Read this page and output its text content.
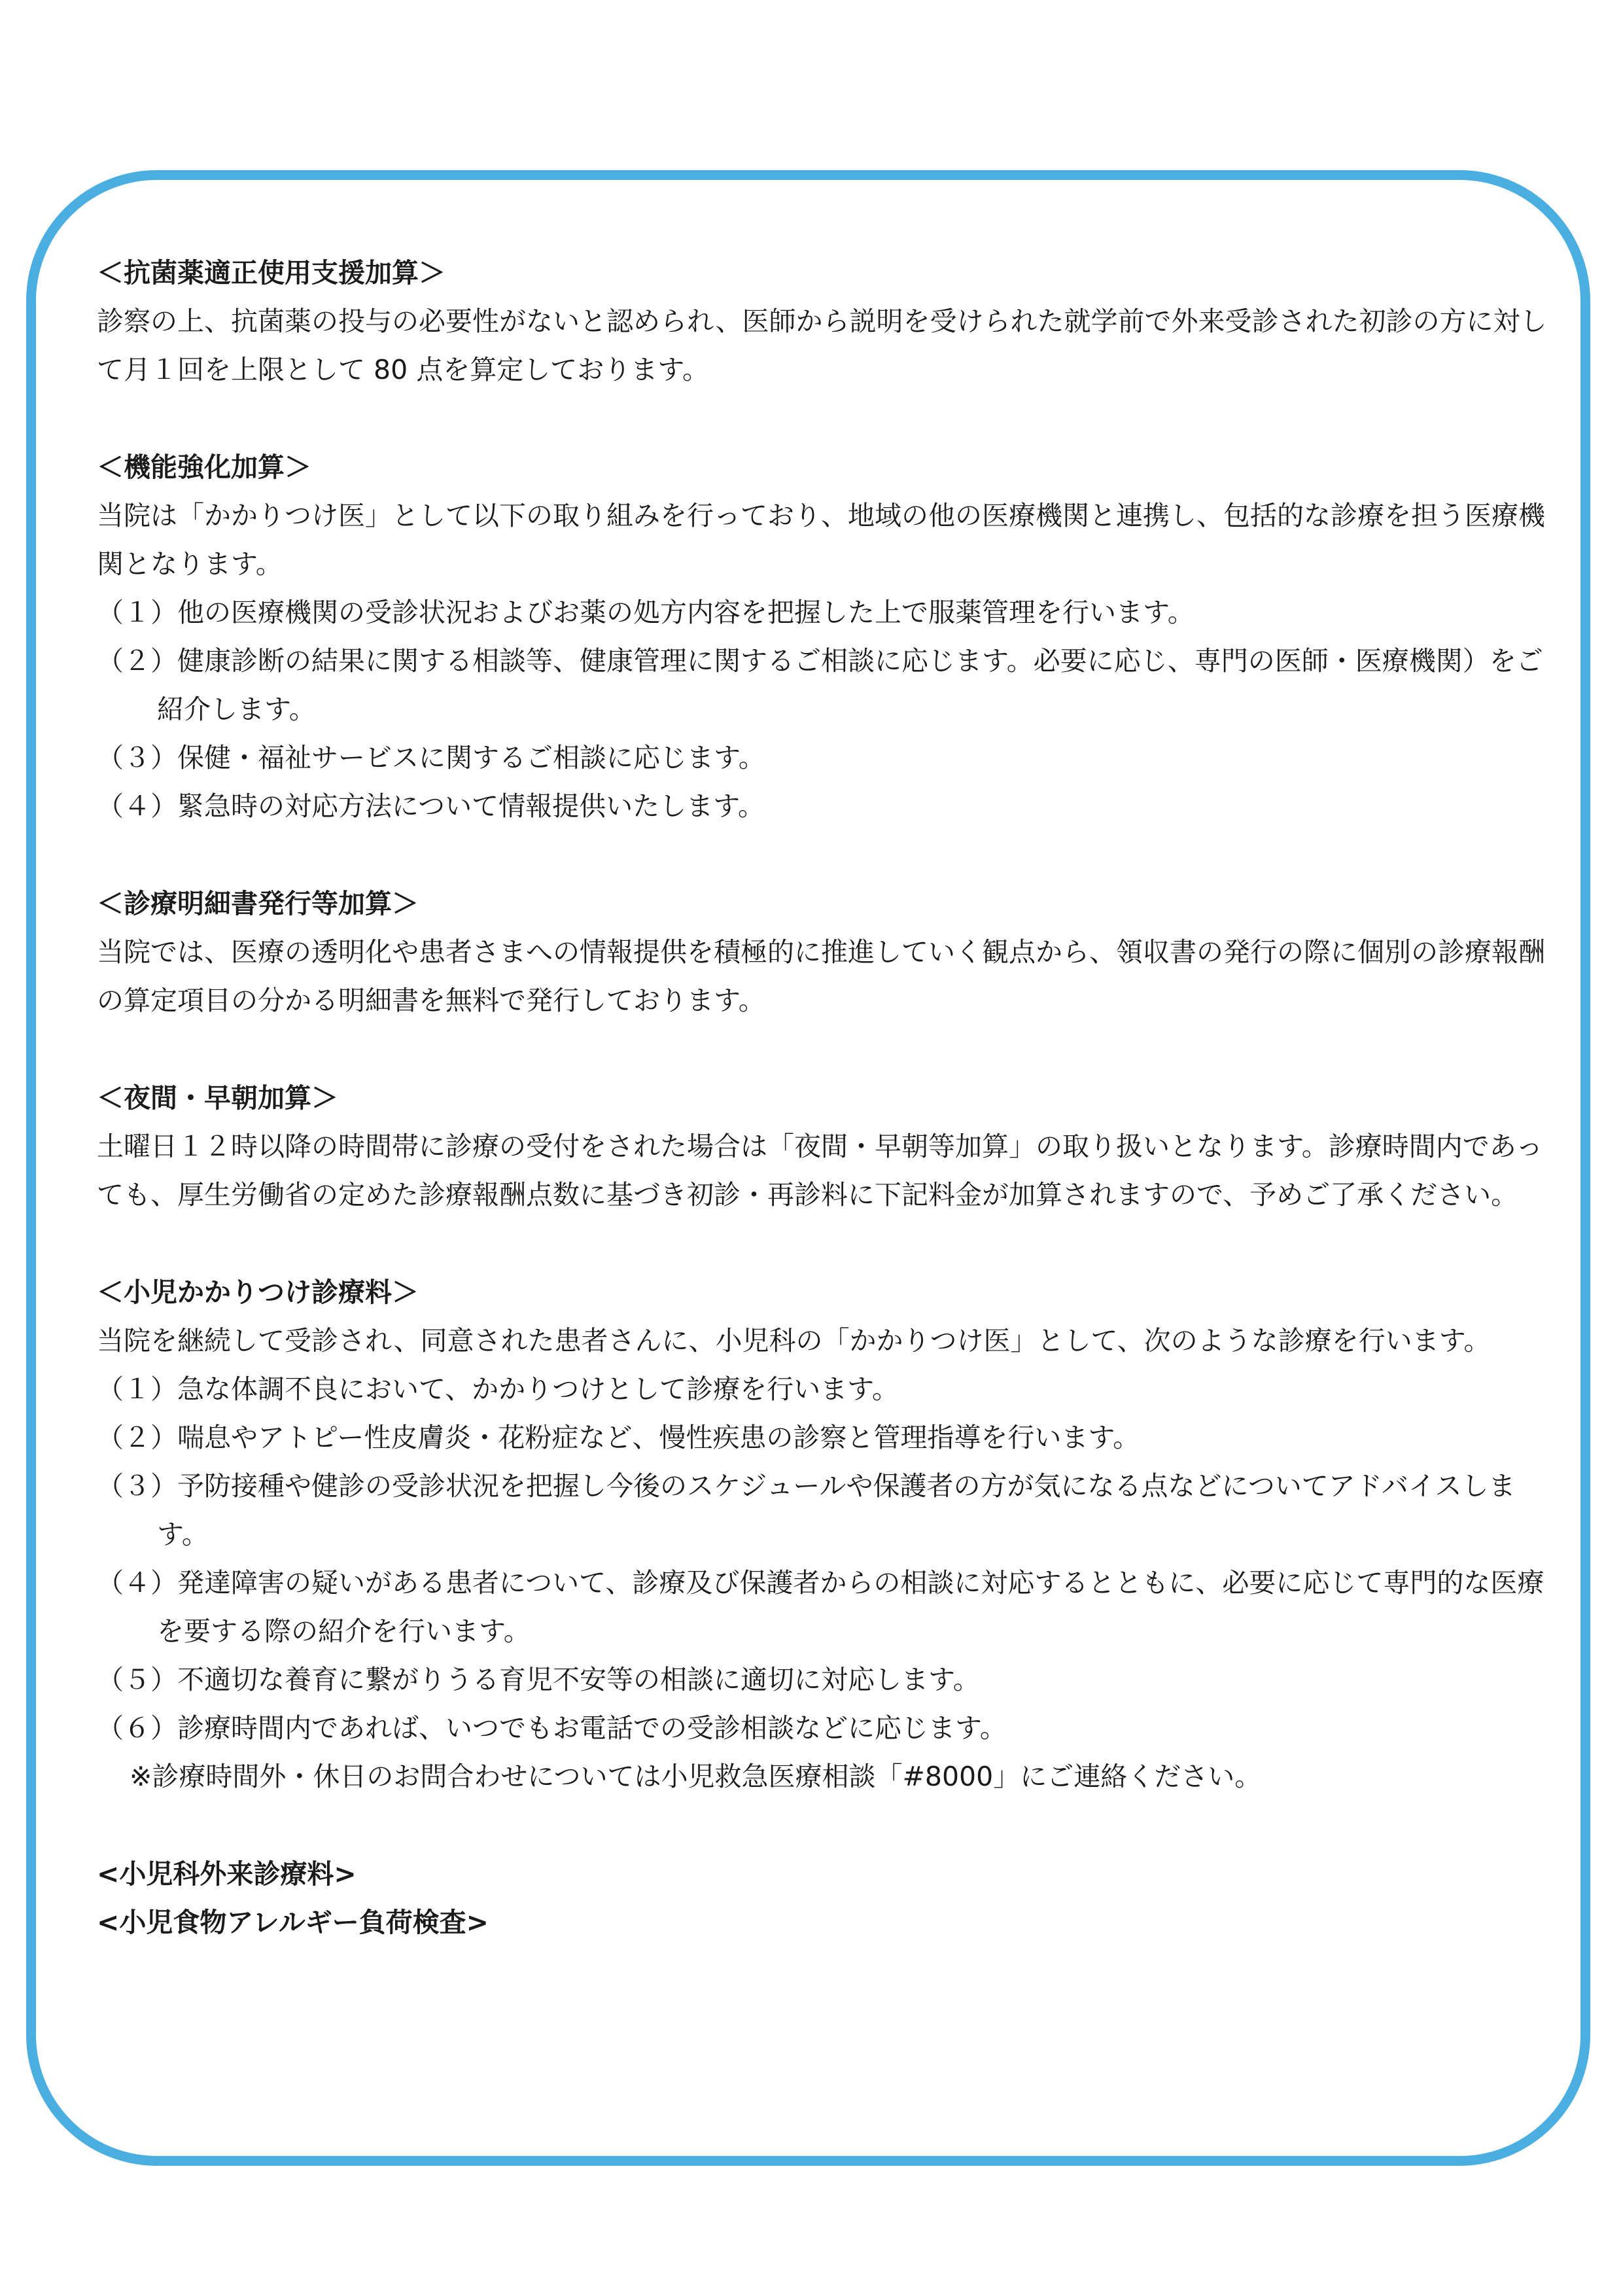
＜抗菌薬適正使用支援加算＞

診察の上、抗菌薬の投与の必要性がないと認められ、医師から説明を受けられた就学前で外来受診された初診の方に対して月１回を上限として 80 点を算定しております。

＜機能強化加算＞

当院は「かかりつけ医」として以下の取り組みを行っており、地域の他の医療機関と連携し、包括的な診療を担う医療機関となります。

（１）他の医療機関の受診状況およびお薬の処方内容を把握した上で服薬管理を行います。

（２）健康診断の結果に関する相談等、健康管理に関するご相談に応じます。必要に応じ、専門の医師・医療機関）をご紹介します。

（３）保健・福祉サービスに関するご相談に応じます。

（４）緊急時の対応方法について情報提供いたします。

＜診療明細書発行等加算＞

当院では、医療の透明化や患者さまへの情報提供を積極的に推進していく観点から、領収書の発行の際に個別の診療報酬の算定項目の分かる明細書を無料で発行しております。

＜夜間・早朝加算＞

土曜日１２時以降の時間帯に診療の受付をされた場合は「夜間・早朝等加算」の取り扱いとなります。診療時間内であっても、厚生労働省の定めた診療報酬点数に基づき初診・再診料に下記料金が加算されますので、予めご了承ください。

＜小児かかりつけ診療料＞

当院を継続して受診され、同意された患者さんに、小児科の「かかりつけ医」として、次のような診療を行います。

（１）急な体調不良において、かかりつけとして診療を行います。

（２）喘息やアトピー性皮膚炎・花粉症など、慢性疾患の診察と管理指導を行います。

（３）予防接種や健診の受診状況を把握し今後のスケジュールや保護者の方が気になる点などについてアドバイスします。

（４）発達障害の疑いがある患者について、診療及び保護者からの相談に対応するとともに、必要に応じて専門的な医療を要する際の紹介を行います。

（５）不適切な養育に繋がりうる育児不安等の相談に適切に対応します。

（６）診療時間内であれば、いつでもお電話での受診相談などに応じます。

※診療時間外・休日のお問合わせについては小児救急医療相談「#8000」にご連絡ください。

<小児科外来診療料>
<小児食物アレルギー負荷検査>
